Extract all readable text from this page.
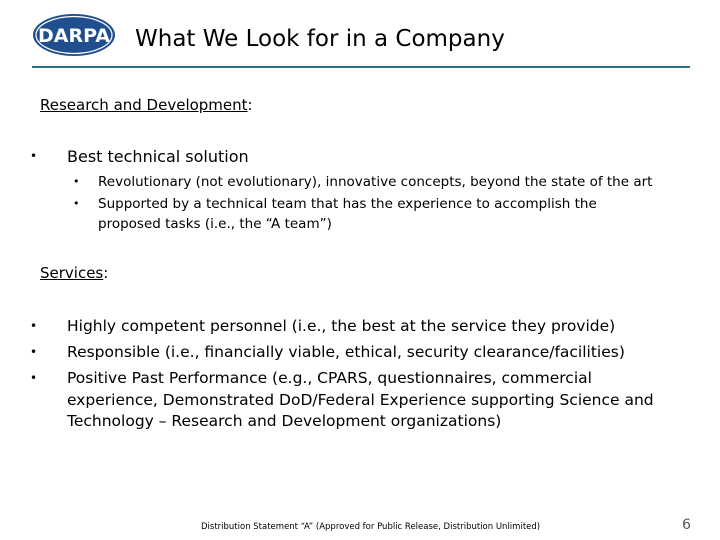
DARPA What We Look for in a Company
Research and Development:
• Best technical solution
• Revolutionary (not evolutionary), innovative concepts, beyond the state of the art
• Supported by a technical team that has the experience to accomplish the
proposed tasks (i.e., the “A team”)
Services:
• Highly competent personnel (i.e., the best at the service they provide)
• Responsible (i.e., financially viable, ethical, security clearance/facilities)
• Positive Past Performance (e.g., CPARS, questionnaires, commercial
experience, Demonstrated DoD/Federal Experience supporting Science and
Technology – Research and Development organizations)
Distribution Statement “A” (Approved for Public Release, Distribution Unlimited)	6
